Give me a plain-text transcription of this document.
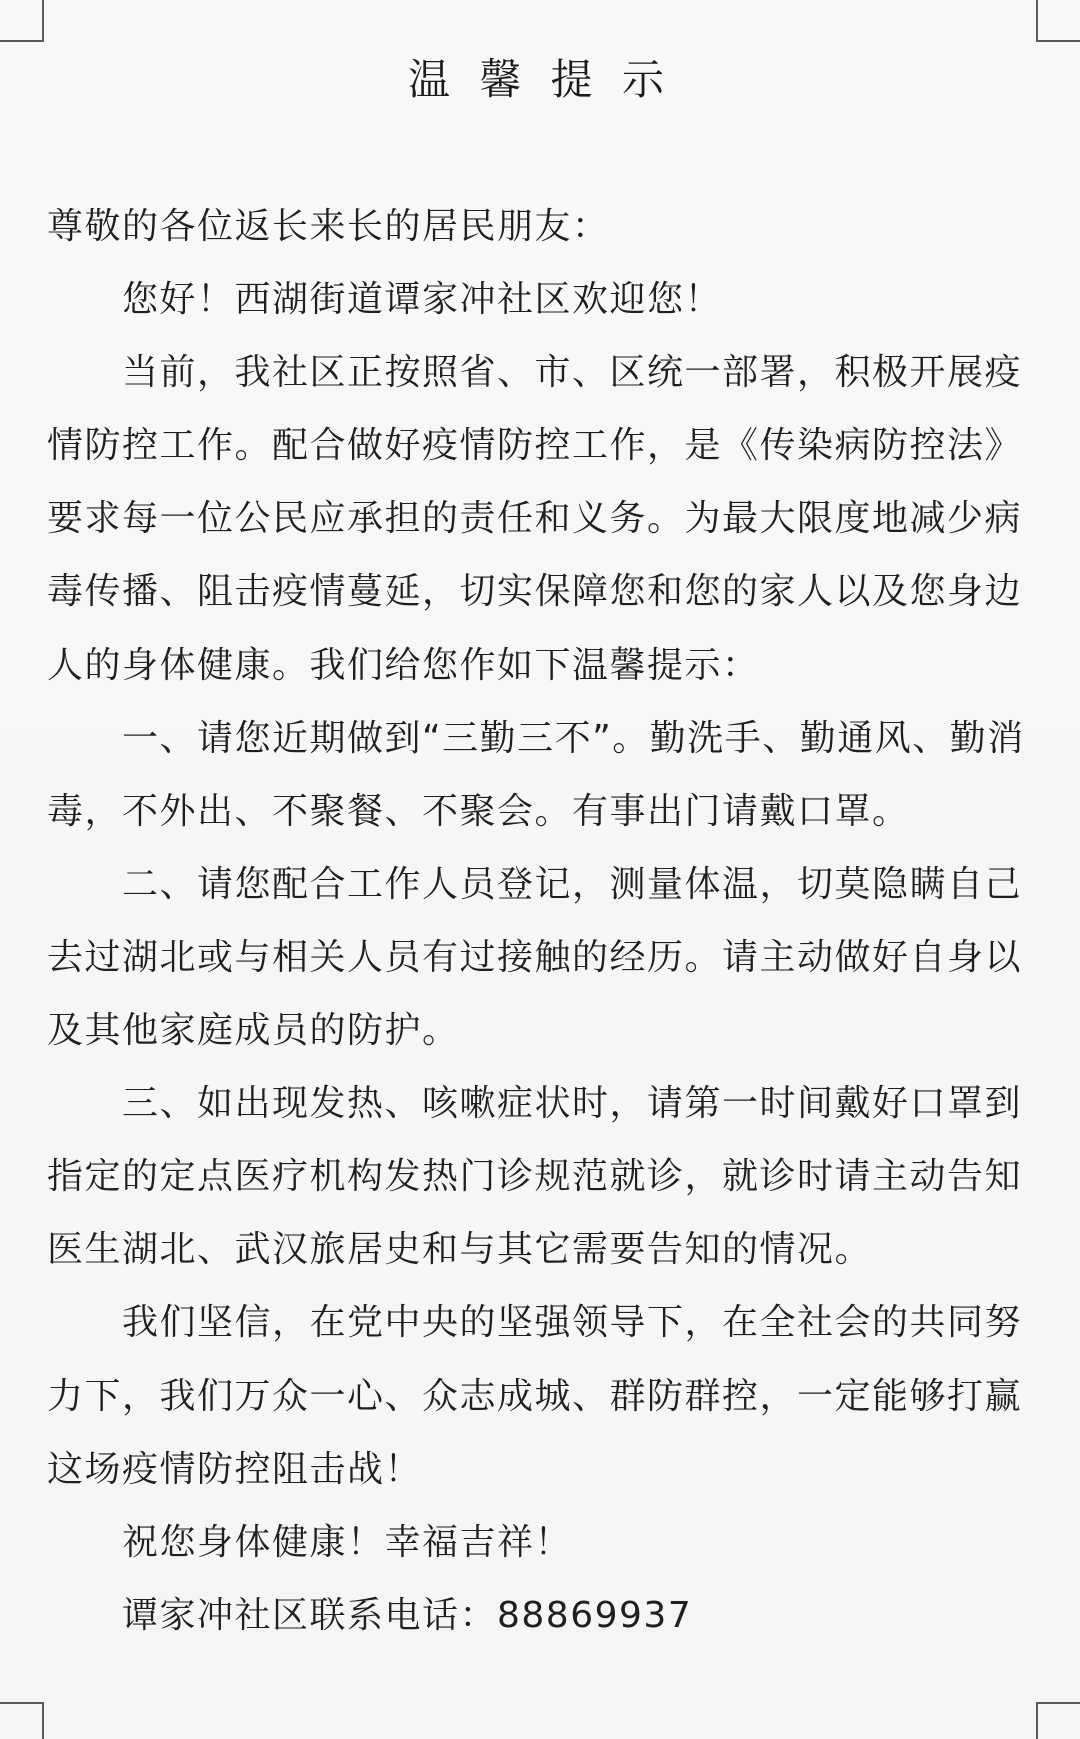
温 馨 提 示
尊敬的各位返长来长的居民朋友：
您好！西湖街道谭家冲社区欢迎您！
当前，我社区正按照省、市、区统一部署，积极开展疫
情防控工作。配合做好疫情防控工作，是《传染病防控法》
要求每一位公民应承担的责任和义务。为最大限度地减少病
毒传播、阻击疫情蔓延，切实保障您和您的家人以及您身边
人的身体健康。我们给您作如下温馨提示：
一、请您近期做到“三勤三不”。勤洗手、勤通风、勤消
毒，不外出、不聚餐、不聚会。有事出门请戴口罩。
二、请您配合工作人员登记，测量体温，切莫隐瞒自己
去过湖北或与相关人员有过接触的经历。请主动做好自身以
及其他家庭成员的防护。
三、如出现发热、咳嗽症状时，请第一时间戴好口罩到
指定的定点医疗机构发热门诊规范就诊，就诊时请主动告知
医生湖北、武汉旅居史和与其它需要告知的情况。
我们坚信，在党中央的坚强领导下，在全社会的共同努
力下，我们万众一心、众志成城、群防群控，一定能够打赢
这场疫情防控阻击战！
祝您身体健康！幸福吉祥！
谭家冲社区联系电话：88869937
